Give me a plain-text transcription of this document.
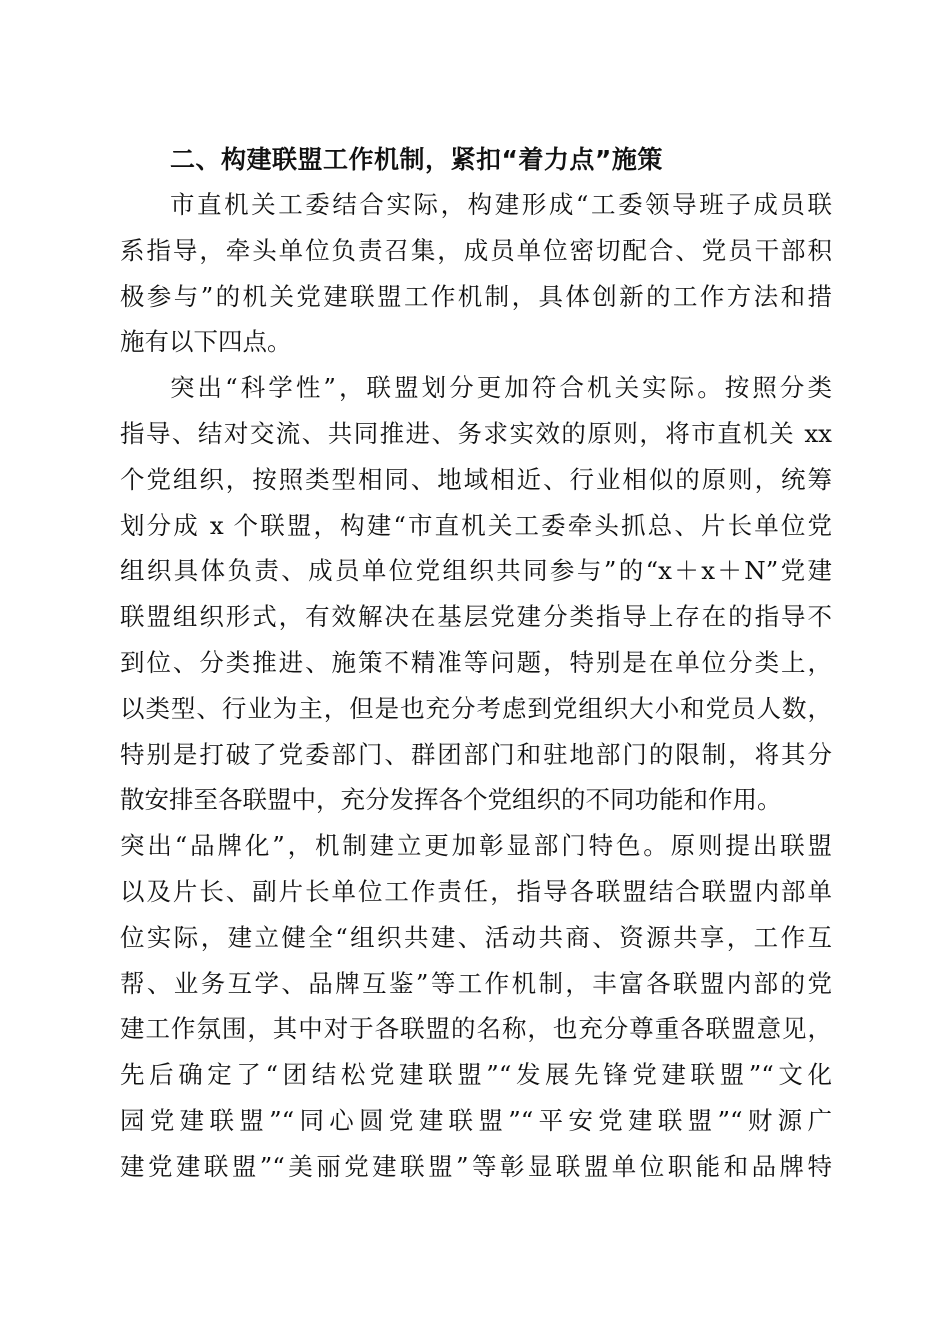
二、构建联盟工作机制，紧扣“着力点”施策
市直机关工委结合实际，构建形成“工委领导班子成员联
系指导，牵头单位负责召集，成员单位密切配合、党员干部积
极参与”的机关党建联盟工作机制，具体创新的工作方法和措
施有以下四点。
突出“科学性”，联盟划分更加符合机关实际。按照分类
指导、结对交流、共同推进、务求实效的原则，将市直机关 xx
个党组织，按照类型相同、地域相近、行业相似的原则，统筹
划分成 x 个联盟，构建“市直机关工委牵头抓总、片长单位党
组织具体负责、成员单位党组织共同参与”的“x＋x＋N”党建
联盟组织形式，有效解决在基层党建分类指导上存在的指导不
到位、分类推进、施策不精准等问题，特别是在单位分类上，
以类型、行业为主，但是也充分考虑到党组织大小和党员人数，
特别是打破了党委部门、群团部门和驻地部门的限制，将其分
散安排至各联盟中，充分发挥各个党组织的不同功能和作用。
突出“品牌化”，机制建立更加彰显部门特色。原则提出联盟
以及片长、副片长单位工作责任，指导各联盟结合联盟内部单
位实际，建立健全“组织共建、活动共商、资源共享，工作互
帮、业务互学、品牌互鉴”等工作机制，丰富各联盟内部的党
建工作氛围，其中对于各联盟的名称，也充分尊重各联盟意见，
先后确定了“团结松党建联盟”“发展先锋党建联盟”“文化
园党建联盟”“同心圆党建联盟”“平安党建联盟”“财源广
建党建联盟”“美丽党建联盟”等彰显联盟单位职能和品牌特
